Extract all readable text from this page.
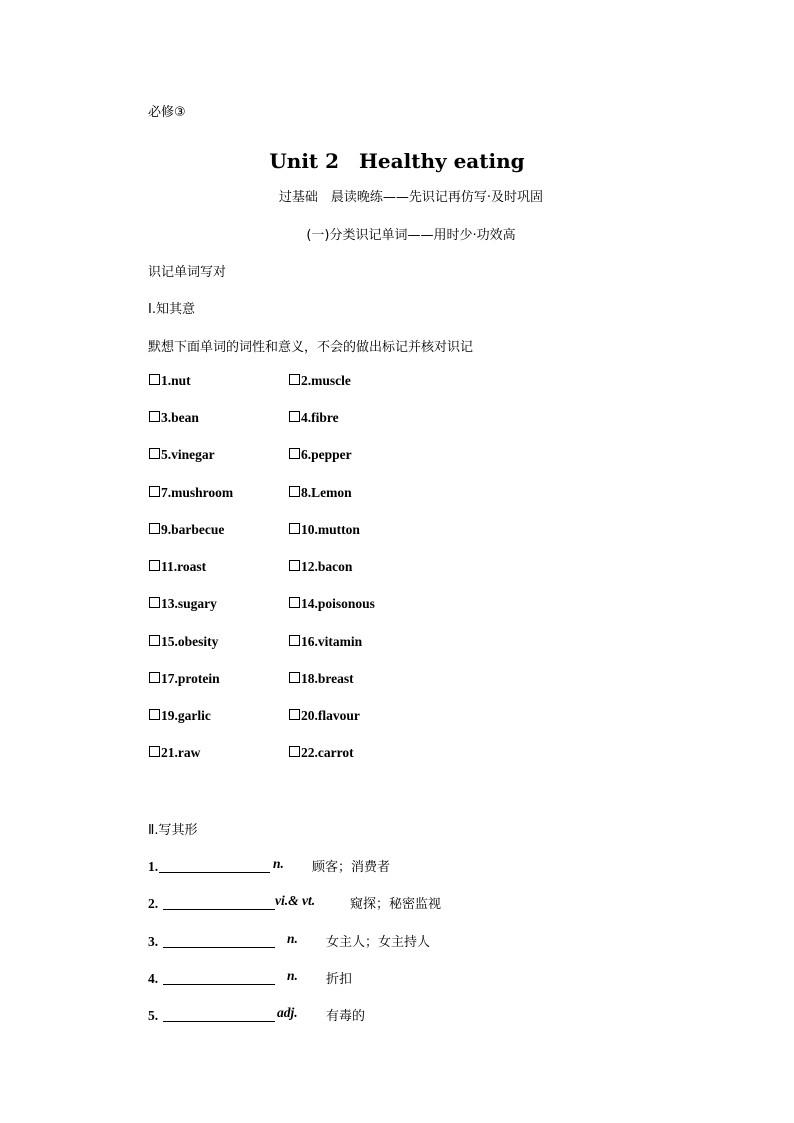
必修③
Unit 2　Healthy eating
过基础　晨读晚练——先识记再仿写·及时巩固
(一)分类识记单词——用时少·功效高
识记单词写对
Ⅰ.知其意
默想下面单词的词性和意义，不会的做出标记并核对识记
1.nut	2.muscle
3.bean	4.fibre
5.vinegar	6.pepper
7.mushroom	8.Lemon
9.barbecue	10.mutton
11.roast	12.bacon
13.sugary	14.poisonous
15.obesity	16.vitamin
17.protein	18.breast
19.garlic	20.flavour
21.raw	22.carrot
Ⅱ.写其形
1.	n. 顾客；消费者
2.	vi.& vt.	窥探；秘密监视
3.	n. 女主人；女主持人
4.	n. 折扣
5.	adj. 有毒的
